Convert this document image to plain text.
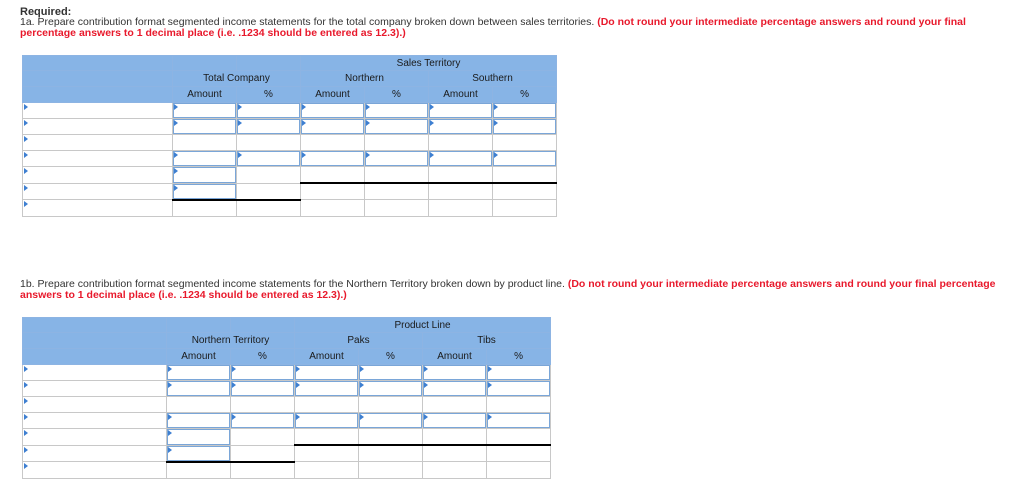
Required:
1a. Prepare contribution format segmented income statements for the total company broken down between sales territories. (Do not round your intermediate percentage answers and round your final percentage answers to 1 decimal place (i.e. .1234 should be entered as 12.3).)
			Sales Territory			
	Total Company		Northern		Southern	
	Amount	%	Amount	%	Amount	%

1b. Prepare contribution format segmented income statements for the Northern Territory broken down by product line. (Do not round your intermediate percentage answers and round your final percentage answers to 1 decimal place (i.e. .1234 should be entered as 12.3).)
			Product Line			
	Northern Territory		Paks		Tibs	
	Amount	%	Amount	%	Amount	%
